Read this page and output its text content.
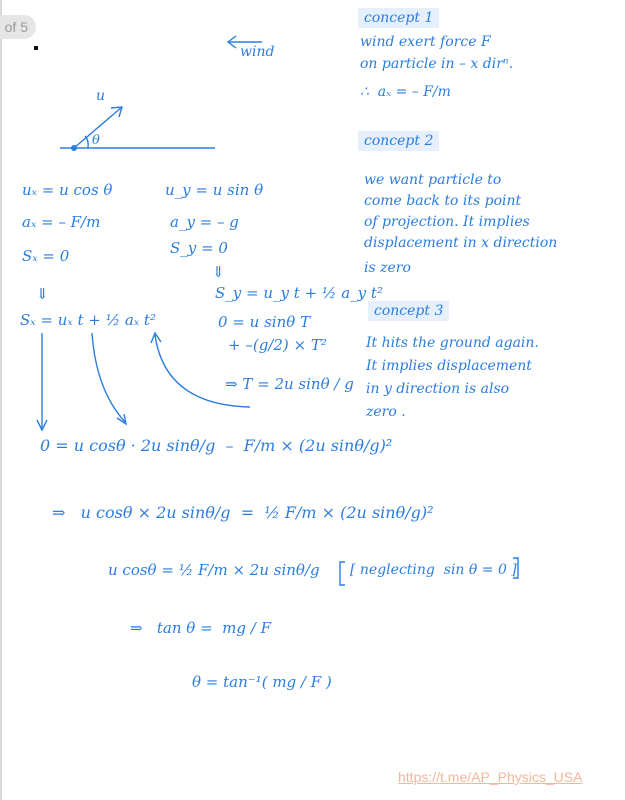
of 5
wind
u
θ
concept 1
wind exert force F
on particle in – x dirⁿ.
∴  aₓ = – F/m
concept 2
we want particle to
come back to its point
of projection. It implies
displacement in x direction
is zero
concept 3
It hits the ground again.
It implies displacement
in y direction is also
zero .
uₓ = u cos θ
aₓ = – F/m
Sₓ = 0
⇓
Sₓ = uₓ t + ½ aₓ t²
u_y = u sin θ
a_y = – g
S_y = 0
⇓
S_y = u_y t + ½ a_y t²
0 = u sinθ T
+ –(g/2) × T²
⇒ T = 2u sinθ / g
0 = u cosθ · 2u sinθ/g  –  F/m × (2u sinθ/g)²
⇒   u cosθ × 2u sinθ/g  =  ½ F/m × (2u sinθ/g)²
u cosθ = ½ F/m × 2u sinθ/g [ neglecting  sin θ = 0 ]
⇒   tan θ =  mg / F
θ = tan⁻¹( mg / F )
https://t.me/AP_Physics_USA
